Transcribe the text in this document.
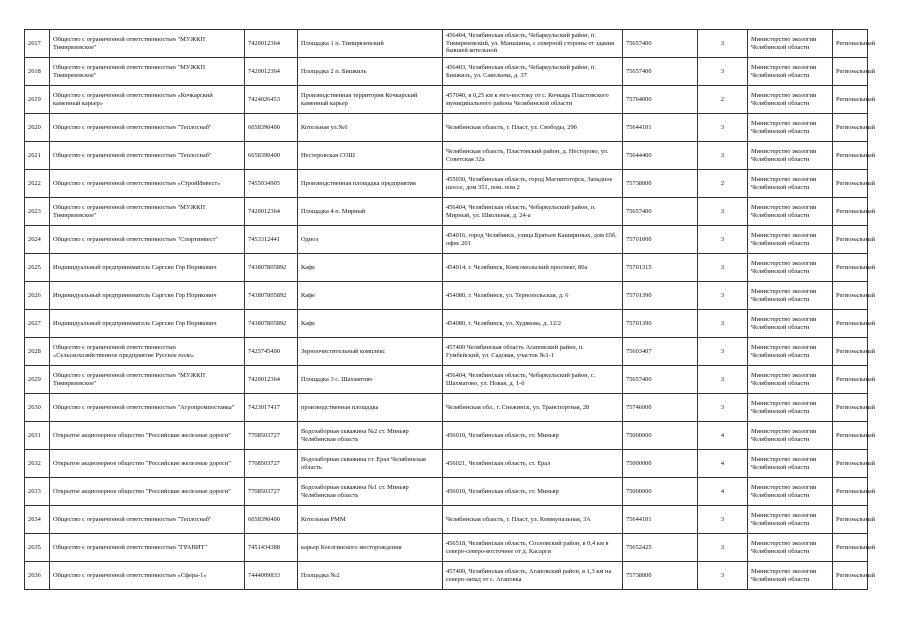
2617	Общество с ограниченной ответственностью "МУЖКП Тимирязевское"	7420012364	Площадка 1 п. Тимирязевский	456404, Челябинская область, Чебаркульский район, п. Тимирязевский, ул. Маньшина, с северной стороны от здания бывшей котельной	75657400	3	Министерство экологии Челябинской области	Региональный
2618	Общество с ограниченной ответственностью "МУЖКП Тимирязевское"	7420012364	Площадка 2 п. Бишкиль	456403, Челябинская область, Чебаркульский район, п. Бишкиль, ул. Савельева, д. 37	75657400	3	Министерство экологии Челябинской области	Региональный
2619	Общество с ограниченной ответственностью «Кочкарский каменный карьер»	7424026453	Производственная территория Кочкарский каменный карьер	457040, в 0,25 км к юго-востоку от с. Кочкарь Пластовского муниципального района Челябинской области	75764000	2	Министерство экологии Челябинской области	Региональный
2620	Общество с ограниченной ответственностью "Теплоснаб"	6658390400	Котельная ул.№6	Челябинская область, г. Пласт, ул. Свободы, 29б	75644101	3	Министерство экологии Челябинской области	Региональный
2621	Общество с ограниченной ответственностью "Теплоснаб"	6658390400	Нестеровская СОШ	Челябинская область, Пластовский район, д. Нестерово, ул. Советская 32а	75644400	3	Министерство экологии Челябинской области	Региональный
2622	Общество с ограниченной ответственностью «СтройИнвест»	7455034905	Производственная площадка предприятия	455030, Челябинская область, город Магнитогорск, Западное шоссе, дом 351, пом. пом 2	75738000	2	Министерство экологии Челябинской области	Региональный
2623	Общество с ограниченной ответственностью "МУЖКП Тимирязевское"	7420012364	Площадка 4 п. Мирный	456404, Челябинская область, Чебаркульский район, п. Мирный, ул. Школьная, д. 24-а	75657400	3	Министерство экологии Челябинской области	Региональный
2624	Общество с ограниченной ответственностью "Спортинвест"	7453312441	Одноэ	454016, город Челябинск, улица Братьев Кашириных, дом 65б, офис 201	75701000	3	Министерство экологии Челябинской области	Региональный
2625	Индивидуальный предприниматель Саргсян Гор Норикович	743807805892	Кафе	454014, г. Челябинск, Комсомольский проспект, 80а	75701315	3	Министерство экологии Челябинской области	Региональный
2626	Индивидуальный предприниматель Саргсян Гор Норикович	743807805892	Кафе	454080, г. Челябинск, ул. Тернопольская, д. 6	75701390	3	Министерство экологии Челябинской области	Региональный
2627	Индивидуальный предприниматель Саргсян Гор Норикович	743807805892	Кафе	454080, г. Челябинск, ул. Худякова, д. 12/2	75701390	3	Министерство экологии Челябинской области	Региональный
2628	Общество с ограниченной ответственностью «Сельскохозяйственное предприятие Русское поле»	7425745490	Зерноочистительный комплекс	457400 Челябинская область Агаповский район, п. Гумбейский, ул. Садовая, участок №1-1	75603407	3	Министерство экологии Челябинской области	Региональный
2629	Общество с ограниченной ответственностью "МУЖКП Тимирязевское"	7420012364	Площадка 3 с. Шахматово	456404, Челябинская область, Чебаркульский район, с. Шахматово, ул. Новая, д. 1-б	75657400	3	Министерство экологии Челябинской области	Региональный
2630	Общество с ограниченной ответственностью "Агропромпоставка"	7423017417	производственная площадка	Челябинская обл., г. Снежинск, ул. Транспортная, 28	75746000	3	Министерство экологии Челябинской области	Региональный
2631	Открытое акционерное общество "Российские железные дороги"	7708503727	Водозаборная скважина №2 ст. Миньяр Челябинская область	456010, Челябинская область, ст. Миньяр	75000000	4	Министерство экологии Челябинской области	Региональный
2632	Открытое акционерное общество "Российские железные дороги"	7708503727	Водозаборная скважина ст. Ерал Челябинская область	456021, Челябинская область, ст. Ерал	75000000	4	Министерство экологии Челябинской области	Региональный
2633	Открытое акционерное общество "Российские железные дороги"	7708503727	Водозаборная скважина №1 ст. Миньяр Челябинская область	456010, Челябинская область, ст. Миньяр	75000000	4	Министерство экологии Челябинской области	Региональный
2634	Общество с ограниченной ответственностью "Теплоснаб"	6658390400	Котельная РММ	Челябинская область, г. Пласт, ул. Коммунальная, 3А	75644101	3	Министерство экологии Челябинской области	Региональный
2635	Общество с ограниченной ответственностью "ГРАНИТ"	7451434388	карьер Коелгинского месторождения	456518, Челябинская область, Сосновский район, в 0,4 км в северо-северо-восточнее от д. Касарги	75652425	3	Министерство экологии Челябинской области	Региональный
2636	Общество с ограниченной ответственностью «Сфера-1»	7444009833	Площадка №2	457400, Челябинская область, Агаповский район, в 1,3 км на северо-запад от с. Агаповка	75738000	3	Министерство экологии Челябинской области	Региональный
